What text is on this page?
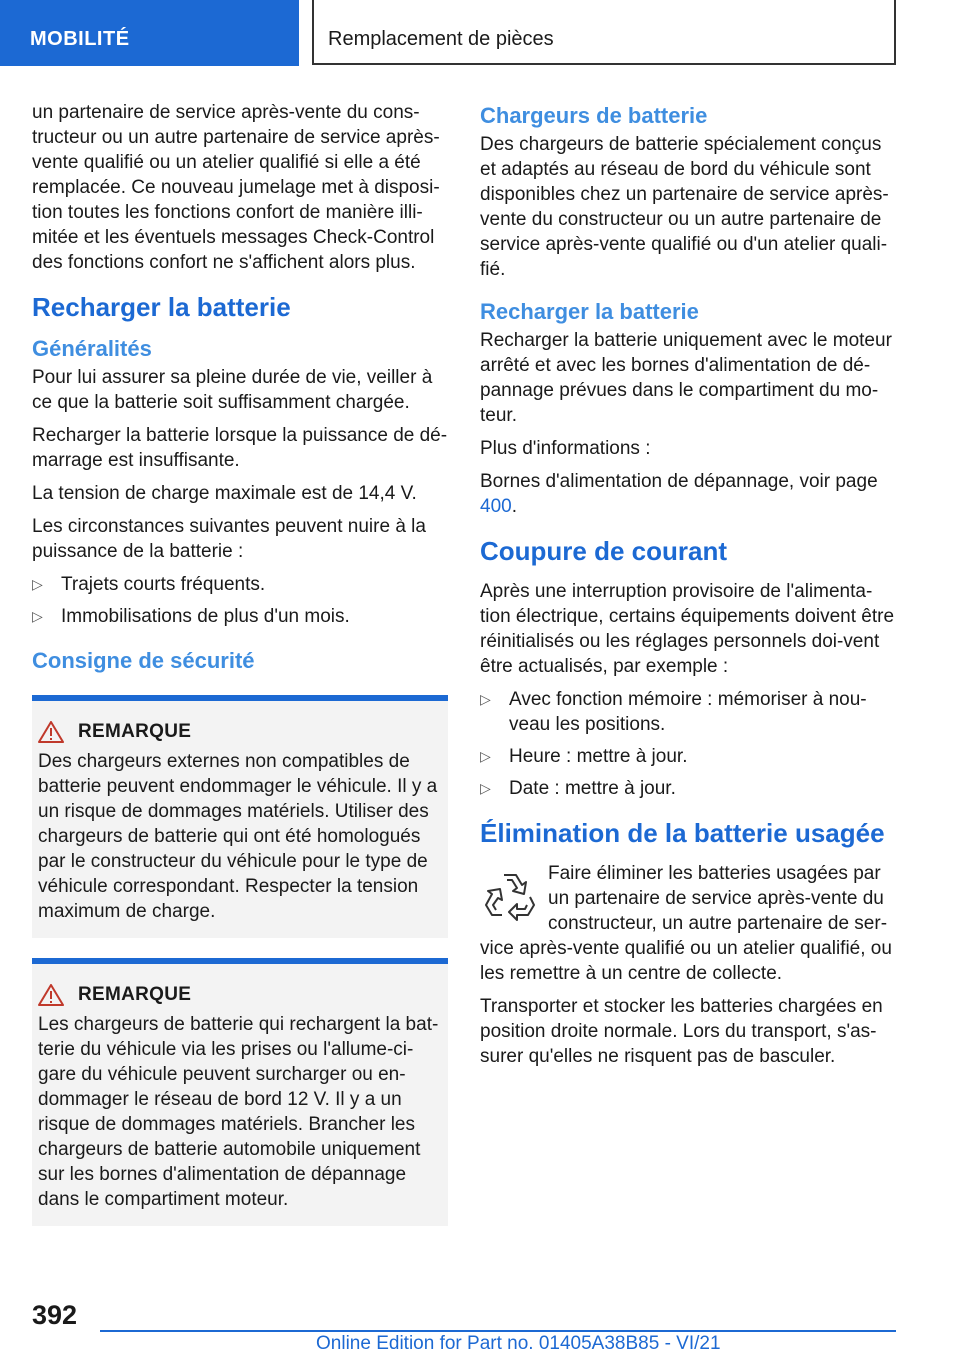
MOBILITÉ	Remplacement de pièces

un partenaire de service après-vente du cons-tructeur ou un autre partenaire de service après-vente qualifié ou un atelier qualifié si elle a été remplacée. Ce nouveau jumelage met à disposi-tion toutes les fonctions confort de manière illi-mitée et les éventuels messages Check-Control des fonctions confort ne s'affichent alors plus.

Recharger la batterie
Généralités

Pour lui assurer sa pleine durée de vie, veiller à ce que la batterie soit suffisamment chargée.

Recharger la batterie lorsque la puissance de dé-marrage est insuffisante.

La tension de charge maximale est de 14,4 V.

Les circonstances suivantes peuvent nuire à la puissance de la batterie :

▷ Trajets courts fréquents.
▷ Immobilisations de plus d'un mois.
Consigne de sécurité
REMARQUE

Des chargeurs externes non compatibles de batterie peuvent endommager le véhicule. Il y a un risque de dommages matériels. Utiliser des chargeurs de batterie qui ont été homologués par le constructeur du véhicule pour le type de véhicule correspondant. Respecter la tension maximum de charge.

REMARQUE

Les chargeurs de batterie qui rechargent la bat-terie du véhicule via les prises ou l'allume-ci-gare du véhicule peuvent surcharger ou en-dommager le réseau de bord 12 V. Il y a un risque de dommages matériels. Brancher les chargeurs de batterie automobile uniquement sur les bornes d'alimentation de dépannage dans le compartiment moteur.

Chargeurs de batterie

Des chargeurs de batterie spécialement conçus et adaptés au réseau de bord du véhicule sont disponibles chez un partenaire de service après-vente du constructeur ou un autre partenaire de service après-vente qualifié ou d'un atelier quali-fié.

Recharger la batterie

Recharger la batterie uniquement avec le moteur arrêté et avec les bornes d'alimentation de dé-pannage prévues dans le compartiment du mo-teur.

Plus d'informations :

Bornes d'alimentation de dépannage, voir page 400.

Coupure de courant

Après une interruption provisoire de l'alimenta-tion électrique, certains équipements doivent être réinitialisés ou les réglages personnels doi-vent être actualisés, par exemple :

▷ Avec fonction mémoire : mémoriser à nou-veau les positions.
▷ Heure : mettre à jour.
▷ Date : mettre à jour.
Élimination de la batterie usagée

Faire éliminer les batteries usagées par un partenaire de service après-vente du constructeur, un autre partenaire de ser-vice après-vente qualifié ou un atelier qualifié, ou les remettre à un centre de collecte.

Transporter et stocker les batteries chargées en position droite normale. Lors du transport, s'as-surer qu'elles ne risquent pas de basculer.

392
Online Edition for Part no. 01405A38B85 - VI/21
